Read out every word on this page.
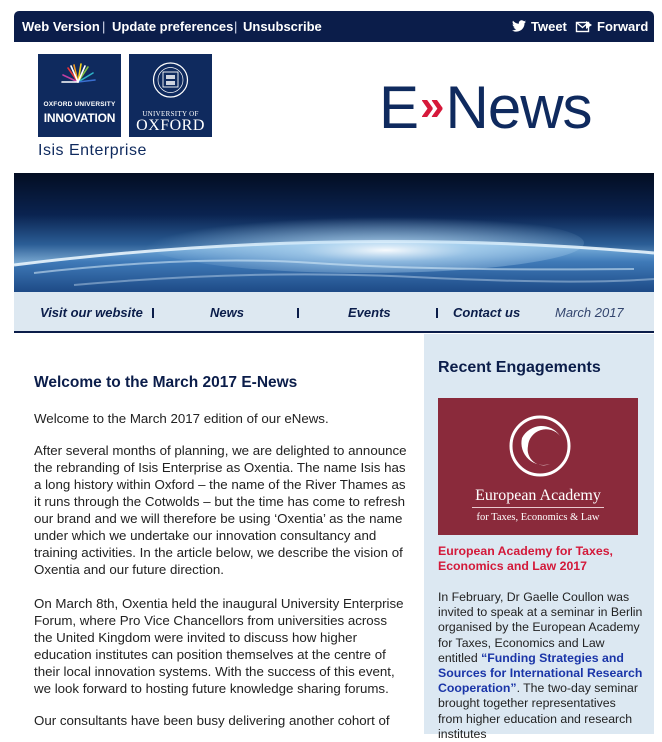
Web Version | Update preferences | Unsubscribe	Tweet Forward
OXFORD UNIVERSITY
INNOVATION	UNIVERSITY OF
OXFORD
Isis Enterprise
E»News
Visit our website	News	Events	Contact us	March 2017
Welcome to the March 2017 E-News

Welcome to the March 2017 edition of our eNews.

After several months of planning, we are delighted to announce the rebranding of Isis Enterprise as Oxentia. The name Isis has a long history within Oxford – the name of the River Thames as it runs through the Cotwolds – but the time has come to refresh our brand and we will therefore be using ‘Oxentia’ as the name under which we undertake our innovation consultancy and training activities. In the article below, we describe the vision of Oxentia and our future direction.

On March 8th, Oxentia held the inaugural University Enterprise Forum, where Pro Vice Chancellors from universities across the United Kingdom were invited to discuss how higher education institutes can position themselves at the centre of their local innovation systems. With the success of this event, we look forward to hosting future knowledge sharing forums.

Our consultants have been busy delivering another cohort of

Recent Engagements
European Academy
for Taxes, Economics & Law
European Academy for Taxes, Economics and Law 2017
In February, Dr Gaelle Coullon was invited to speak at a seminar in Berlin organised by the European Academy for Taxes, Economics and Law entitled “Funding Strategies and Sources for International Research Cooperation”. The two-day seminar brought together representatives from higher education and research institutes
